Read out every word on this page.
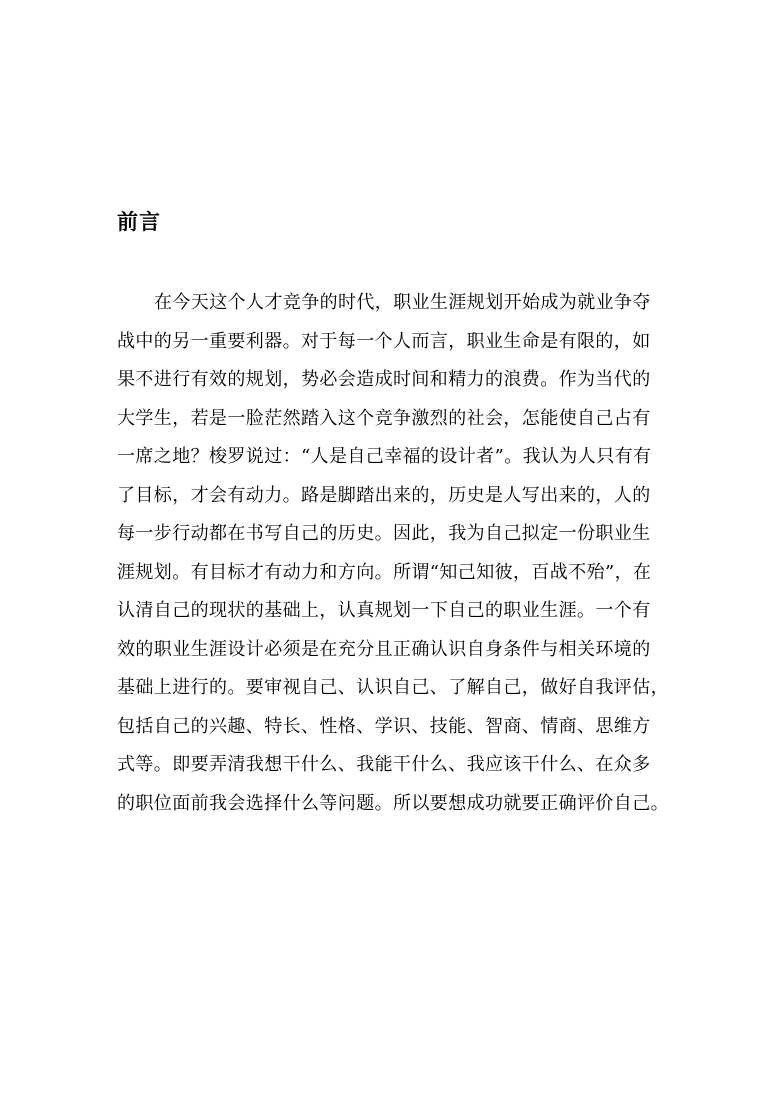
前言
在今天这个人才竞争的时代，职业生涯规划开始成为就业争夺
战中的另一重要利器。对于每一个人而言，职业生命是有限的，如
果不进行有效的规划，势必会造成时间和精力的浪费。作为当代的
大学生，若是一脸茫然踏入这个竞争激烈的社会，怎能使自己占有
一席之地？梭罗说过：“人是自己幸福的设计者”。我认为人只有有
了目标，才会有动力。路是脚踏出来的，历史是人写出来的，人的
每一步行动都在书写自己的历史。因此，我为自己拟定一份职业生
涯规划。有目标才有动力和方向。所谓“知己知彼，百战不殆”，在
认清自己的现状的基础上，认真规划一下自己的职业生涯。一个有
效的职业生涯设计必须是在充分且正确认识自身条件与相关环境的
基础上进行的。要审视自己、认识自己、了解自己，做好自我评估，
包括自己的兴趣、特长、性格、学识、技能、智商、情商、思维方
式等。即要弄清我想干什么、我能干什么、我应该干什么、在众多
的职位面前我会选择什么等问题。所以要想成功就要正确评价自己。
